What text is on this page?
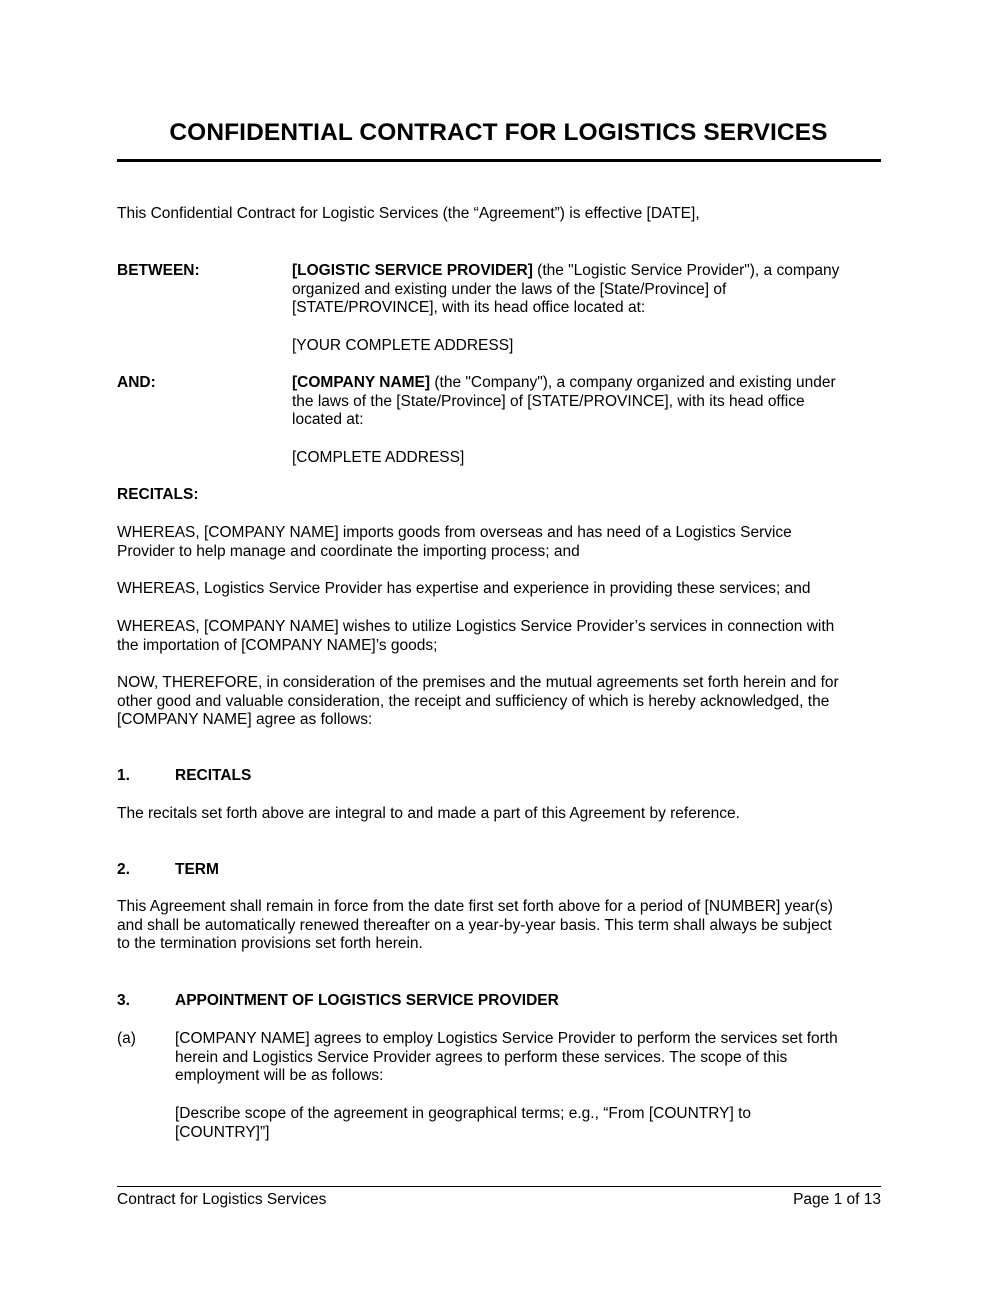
CONFIDENTIAL CONTRACT FOR LOGISTICS SERVICES
This Confidential Contract for Logistic Services (the “Agreement”) is effective [DATE],
BETWEEN:	[LOGISTIC SERVICE PROVIDER] (the "Logistic Service Provider"), a company
organized and existing under the laws of the [State/Province] of
[STATE/PROVINCE], with its head office located at:
[YOUR COMPLETE ADDRESS]
AND:	[COMPANY NAME] (the "Company"), a company organized and existing under
the laws of the [State/Province] of [STATE/PROVINCE], with its head office
located at:
[COMPLETE ADDRESS]
RECITALS:
WHEREAS, [COMPANY NAME] imports goods from overseas and has need of a Logistics Service
Provider to help manage and coordinate the importing process; and
WHEREAS, Logistics Service Provider has expertise and experience in providing these services; and
WHEREAS, [COMPANY NAME] wishes to utilize Logistics Service Provider’s services in connection with
the importation of [COMPANY NAME]’s goods;
NOW, THEREFORE, in consideration of the premises and the mutual agreements set forth herein and for
other good and valuable consideration, the receipt and sufficiency of which is hereby acknowledged, the
[COMPANY NAME] agree as follows:
1.	RECITALS
The recitals set forth above are integral to and made a part of this Agreement by reference.
2.	TERM
This Agreement shall remain in force from the date first set forth above for a period of [NUMBER] year(s)
and shall be automatically renewed thereafter on a year-by-year basis. This term shall always be subject
to the termination provisions set forth herein.
3.	APPOINTMENT OF LOGISTICS SERVICE PROVIDER
(a)	[COMPANY NAME] agrees to employ Logistics Service Provider to perform the services set forth
herein and Logistics Service Provider agrees to perform these services. The scope of this
employment will be as follows:
[Describe scope of the agreement in geographical terms; e.g., “From [COUNTRY] to
[COUNTRY]”]
Contract for Logistics Services	Page 1 of 13
